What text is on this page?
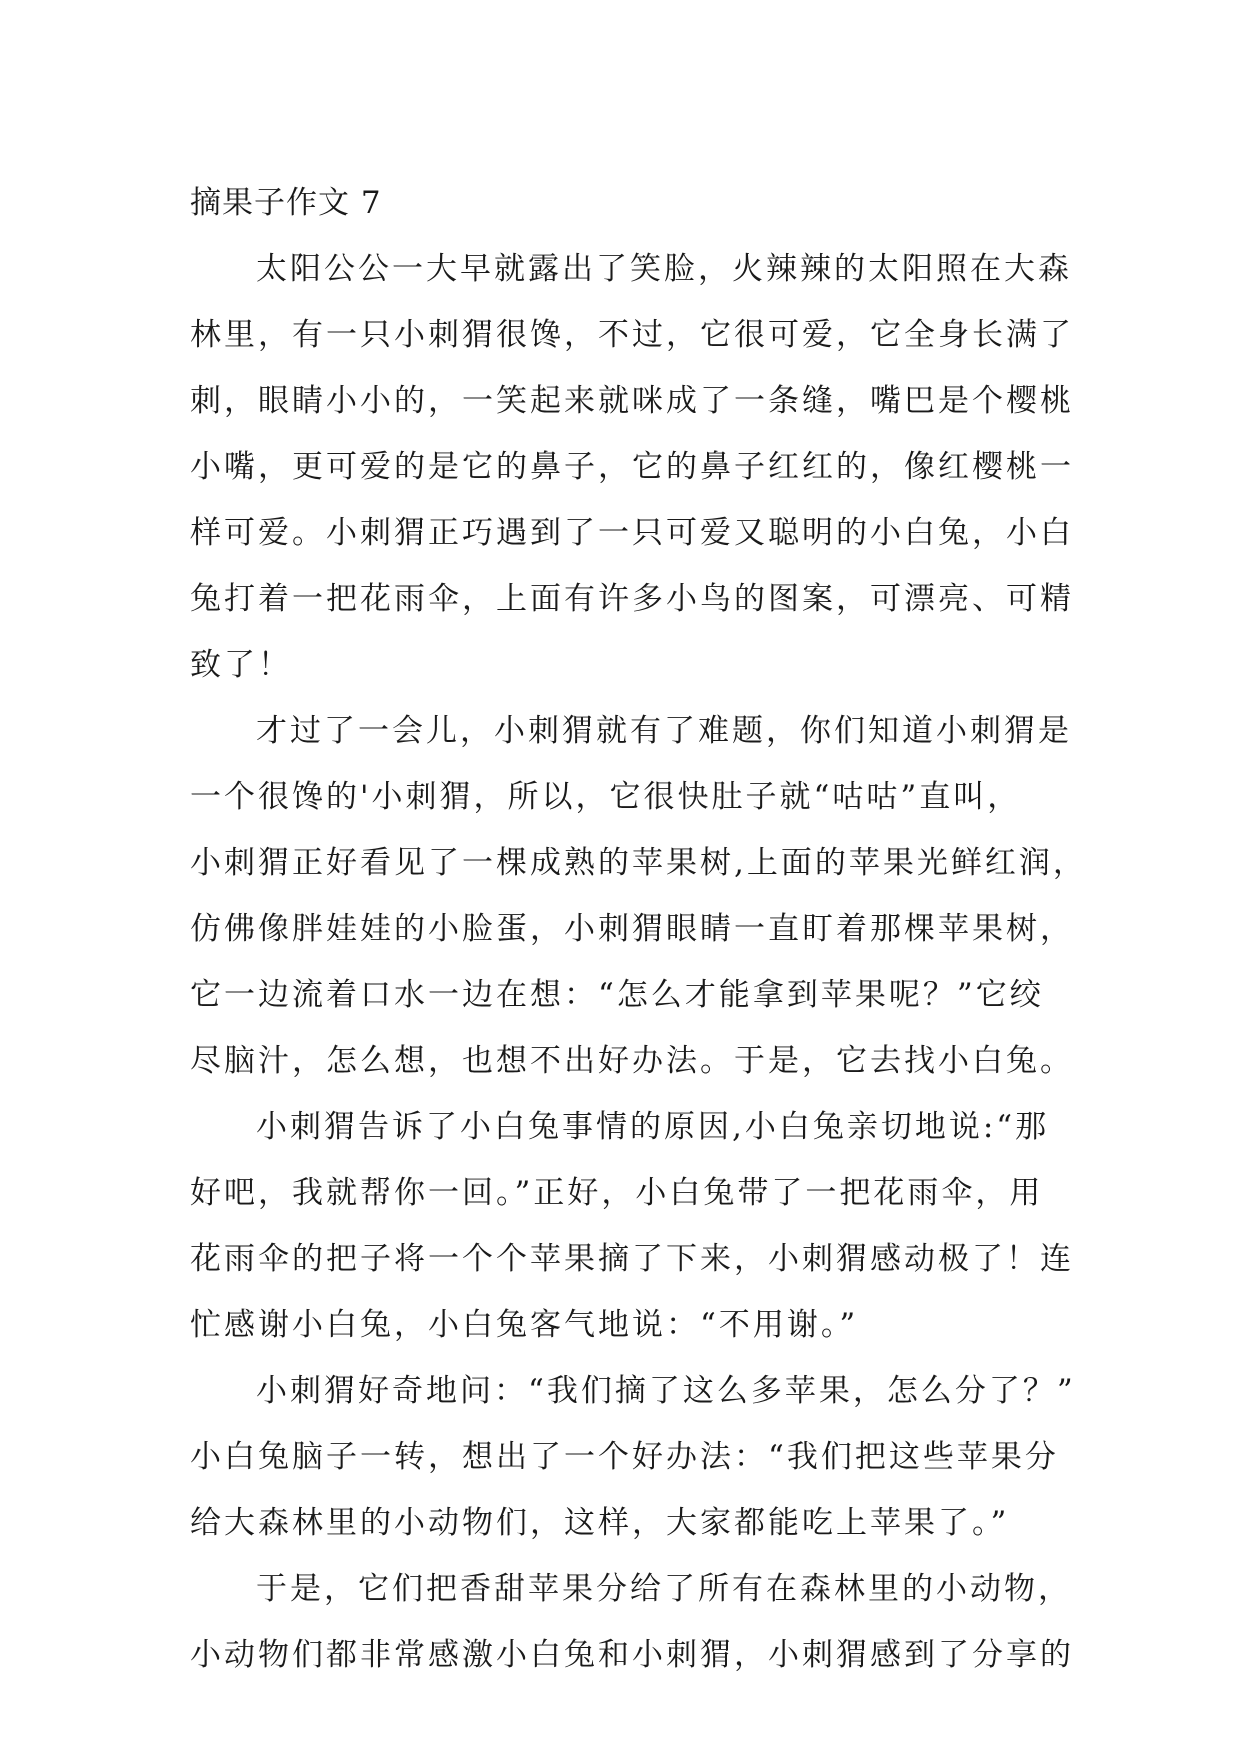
摘果子作文 7
太阳公公一大早就露出了笑脸，火辣辣的太阳照在大森
林里，有一只小刺猬很馋，不过，它很可爱，它全身长满了
刺，眼睛小小的，一笑起来就咪成了一条缝，嘴巴是个樱桃
小嘴，更可爱的是它的鼻子，它的鼻子红红的，像红樱桃一
样可爱。小刺猬正巧遇到了一只可爱又聪明的小白兔，小白
兔打着一把花雨伞，上面有许多小鸟的图案，可漂亮、可精
致了！
才过了一会儿，小刺猬就有了难题，你们知道小刺猬是
一个很馋的'小刺猬，所以，它很快肚子就“咕咕”直叫，
小刺猬正好看见了一棵成熟的苹果树,上面的苹果光鲜红润，
仿佛像胖娃娃的小脸蛋，小刺猬眼睛一直盯着那棵苹果树，
它一边流着口水一边在想：“怎么才能拿到苹果呢？”它绞
尽脑汁，怎么想，也想不出好办法。于是，它去找小白兔。
小刺猬告诉了小白兔事情的原因,小白兔亲切地说:“那
好吧，我就帮你一回。”正好，小白兔带了一把花雨伞，用
花雨伞的把子将一个个苹果摘了下来，小刺猬感动极了！连
忙感谢小白兔，小白兔客气地说：“不用谢。”
小刺猬好奇地问：“我们摘了这么多苹果，怎么分了？”
小白兔脑子一转，想出了一个好办法：“我们把这些苹果分
给大森林里的小动物们，这样，大家都能吃上苹果了。”
于是，它们把香甜苹果分给了所有在森林里的小动物，
小动物们都非常感激小白兔和小刺猬，小刺猬感到了分享的
